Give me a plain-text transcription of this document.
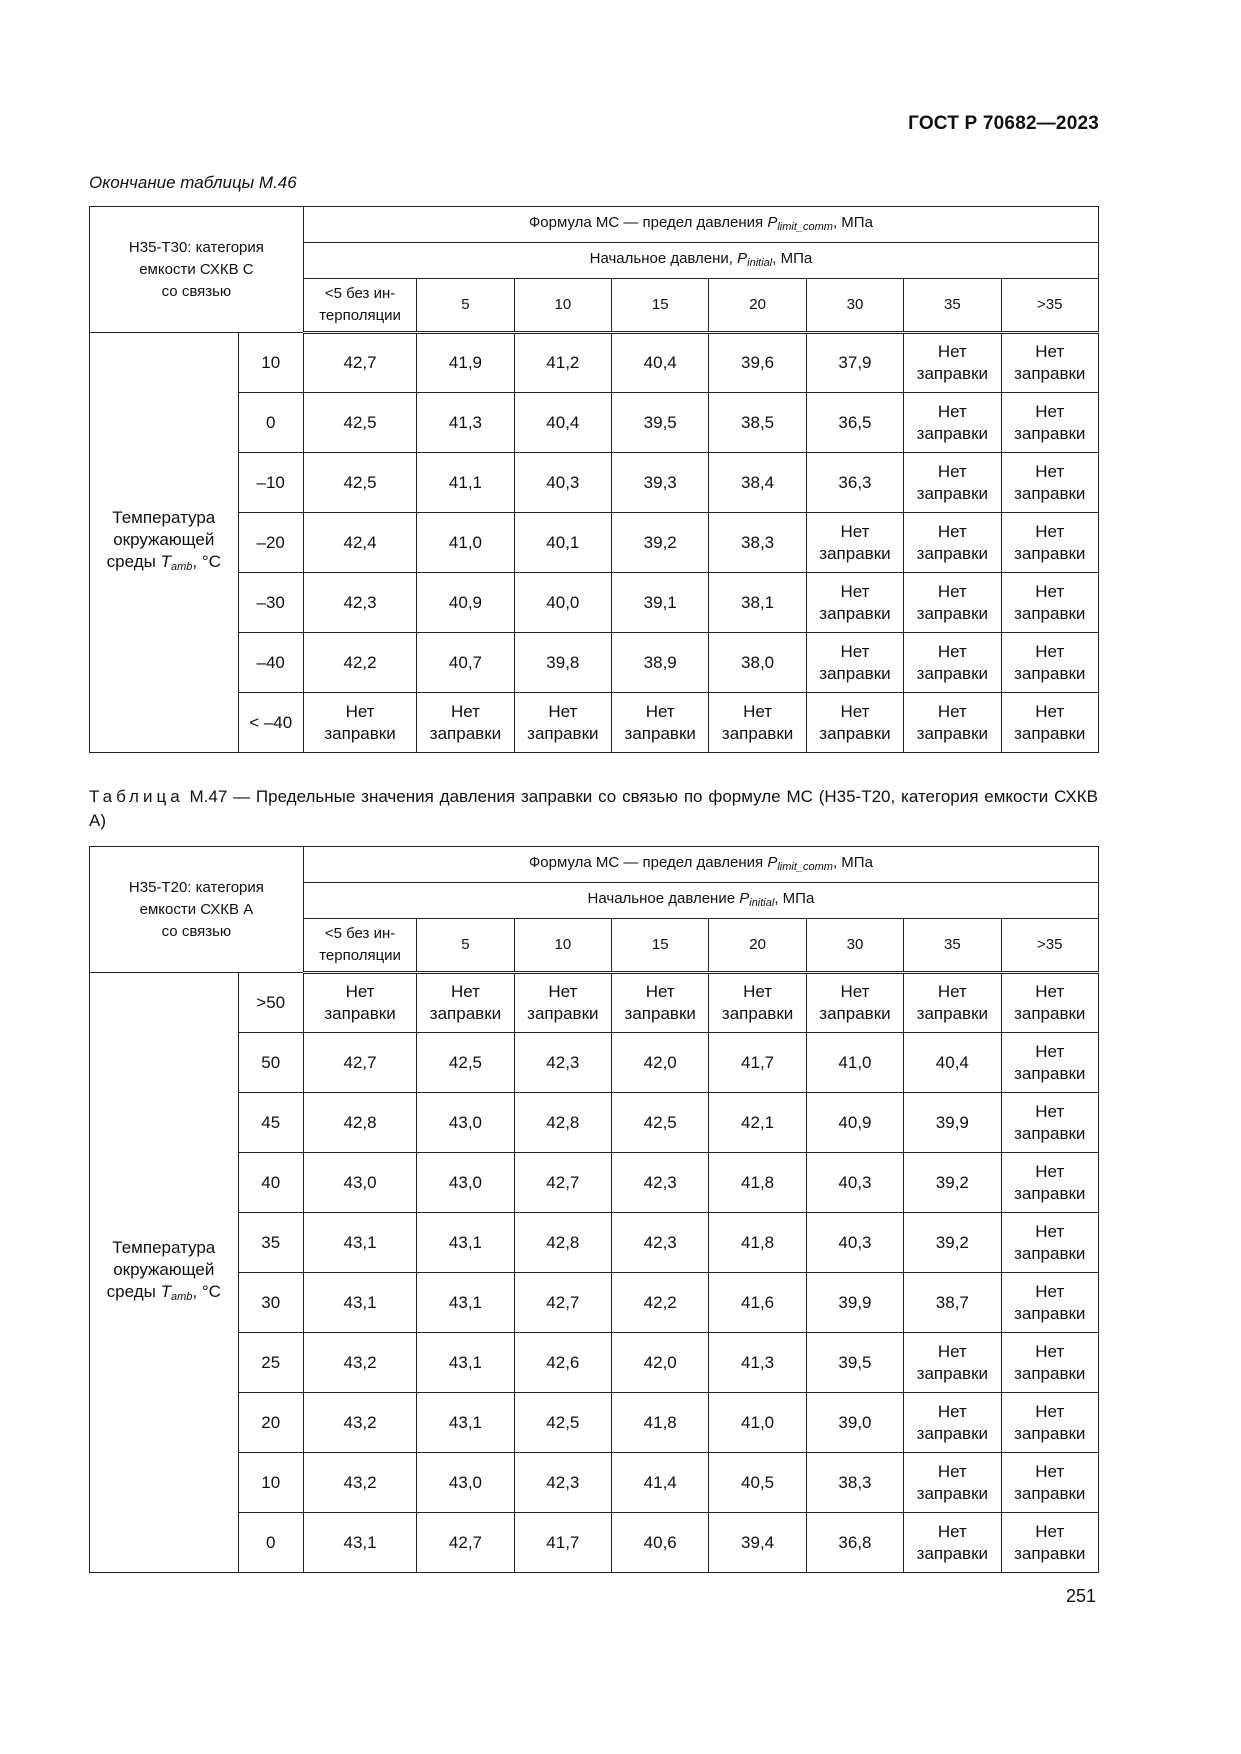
ГОСТ Р 70682—2023
Окончание таблицы М.46
Н35-Т30: категория
емкости СХКВ С
со связью		Формула МС — предел давления $P_{limit\_comm}$, МПа							
		Начальное давлени, $P_{initial}$, МПа							

		<5 без ин-
терполяции	5	10	15	20	30	35	>35

Температура
окружающей
среды $T_{amb}$, °C	10	42,7	41,9	41,2	40,4	39,6	37,9	Нет
заправки	Нет
заправки

	0	42,5	41,3	40,4	39,5	38,5	36,5	Нет
заправки	Нет
заправки

	–10	42,5	41,1	40,3	39,3	38,4	36,3	Нет
заправки	Нет
заправки

	–20	42,4	41,0	40,1	39,2	38,3	Нет
заправки	Нет
заправки	Нет
заправки

	–30	42,3	40,9	40,0	39,1	38,1	Нет
заправки	Нет
заправки	Нет
заправки

	–40	42,2	40,7	39,8	38,9	38,0	Нет
заправки	Нет
заправки	Нет
заправки

	< –40	Нет
заправки	Нет
заправки	Нет
заправки	Нет
заправки	Нет
заправки	Нет
заправки	Нет
заправки	Нет
заправки
Таблица М.47 — Предельные значения давления заправки со связью по формуле МС (Н35-Т20, категория емкости СХКВ А)
Н35-Т20: категория
емкости СХКВ А
со связью		Формула МС — предел давления $P_{limit\_comm}$, МПа							
		Начальное давление $P_{initial}$, МПа							

		<5 без ин-
терполяции	5	10	15	20	30	35	>35

Температура
окружающей
среды $T_{amb}$, °C	>50	Нет
заправки	Нет
заправки	Нет
заправки	Нет
заправки	Нет
заправки	Нет
заправки	Нет
заправки	Нет
заправки

	50	42,7	42,5	42,3	42,0	41,7	41,0	40,4	Нет
заправки

	45	42,8	43,0	42,8	42,5	42,1	40,9	39,9	Нет
заправки

	40	43,0	43,0	42,7	42,3	41,8	40,3	39,2	Нет
заправки

	35	43,1	43,1	42,8	42,3	41,8	40,3	39,2	Нет
заправки

	30	43,1	43,1	42,7	42,2	41,6	39,9	38,7	Нет
заправки

	25	43,2	43,1	42,6	42,0	41,3	39,5	Нет
заправки	Нет
заправки

	20	43,2	43,1	42,5	41,8	41,0	39,0	Нет
заправки	Нет
заправки

	10	43,2	43,0	42,3	41,4	40,5	38,3	Нет
заправки	Нет
заправки

	0	43,1	42,7	41,7	40,6	39,4	36,8	Нет
заправки	Нет
заправки
251
